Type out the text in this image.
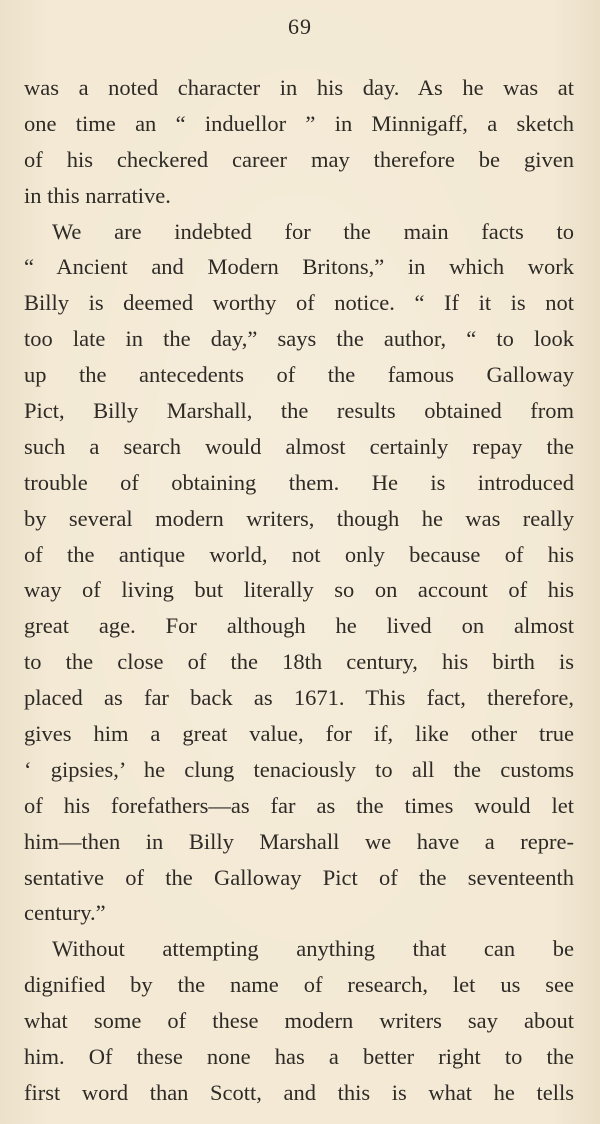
69
was a noted character in his day. As he was at
one time an “ induellor ” in Minnigaff, a sketch
of his checkered career may therefore be given
in this narrative.
We are indebted for the main facts to
“ Ancient and Modern Britons,” in which work
Billy is deemed worthy of notice. “ If it is not
too late in the day,” says the author, “ to look
up the antecedents of the famous Galloway
Pict, Billy Marshall, the results obtained from
such a search would almost certainly repay the
trouble of obtaining them. He is introduced
by several modern writers, though he was really
of the antique world, not only because of his
way of living but literally so on account of his
great age. For although he lived on almost
to the close of the 18th century, his birth is
placed as far back as 1671. This fact, therefore,
gives him a great value, for if, like other true
‘ gipsies,’ he clung tenaciously to all the customs
of his forefathers—as far as the times would let
him—then in Billy Marshall we have a repre-
sentative of the Galloway Pict of the seventeenth
century.”
Without attempting anything that can be
dignified by the name of research, let us see
what some of these modern writers say about
him. Of these none has a better right to the
first word than Scott, and this is what he tells
